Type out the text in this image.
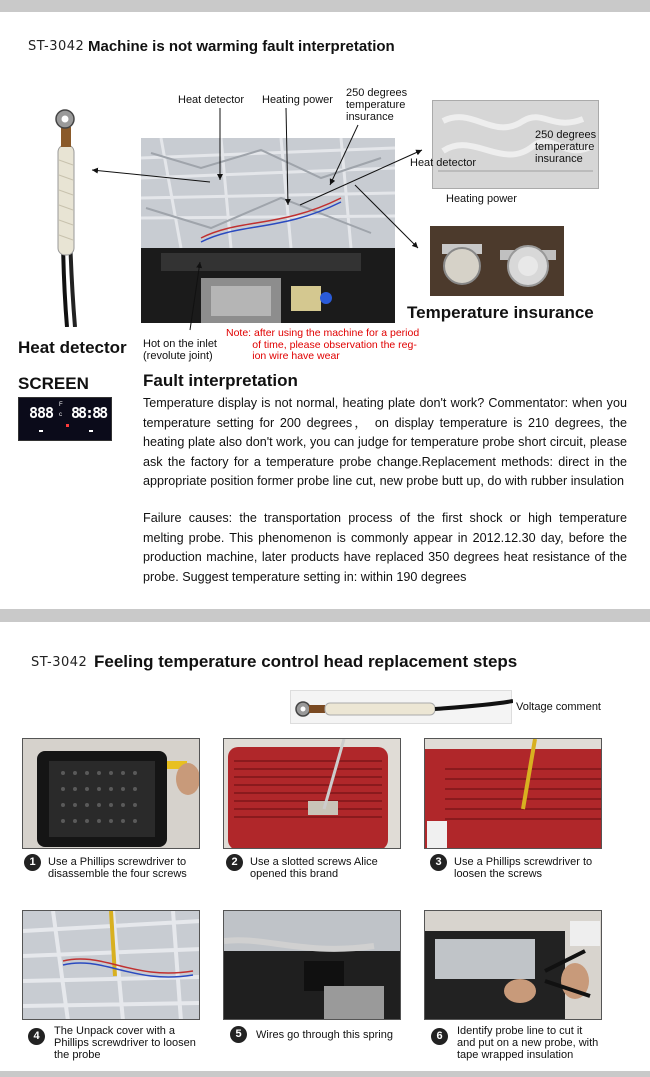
ST-3042 Machine is not warming fault interpretation
Heat detector
Heat detector Heating power
250 degrees
temperature
insurance
250 degrees
temperature
insurance
Heat detector
Heating power
Temperature insurance
Hot on the inlet
(revolute joint)
Note: after using the machine for a period
of time, please observation the reg-
ion wire have wear
SCREEN
888 F
c 88:88
Fault interpretation
Temperature display is not normal, heating plate don't work? Commentator: when you temperature setting for 200 degrees， on display temperature is 210 degrees, the heating plate also don't work, you can judge for temperature probe short circuit, please ask the factory for a temperature probe change.Replacement methods: direct in the appropriate position former probe line cut, new probe butt up, do with rubber insulation
Failure causes: the transportation process of the first shock or high temperature melting probe. This phenomenon is commonly appear in 2012.12.30 day, before the production machine, later products have replaced 350 degrees heat resistance of the probe. Suggest temperature setting in: within 190 degrees
ST-3042 Feeling temperature control head replacement steps
Voltage comment
1	Use a Phillips screwdriver to
disassemble the four screws
2	Use a slotted screws Alice
opened this brand
3	Use a Phillips screwdriver to
loosen the screws
4	The Unpack cover with a
Phillips screwdriver to loosen
the probe
5	Wires go through this spring	6	Identify probe line to cut it
and put on a new probe, with
tape wrapped insulation
